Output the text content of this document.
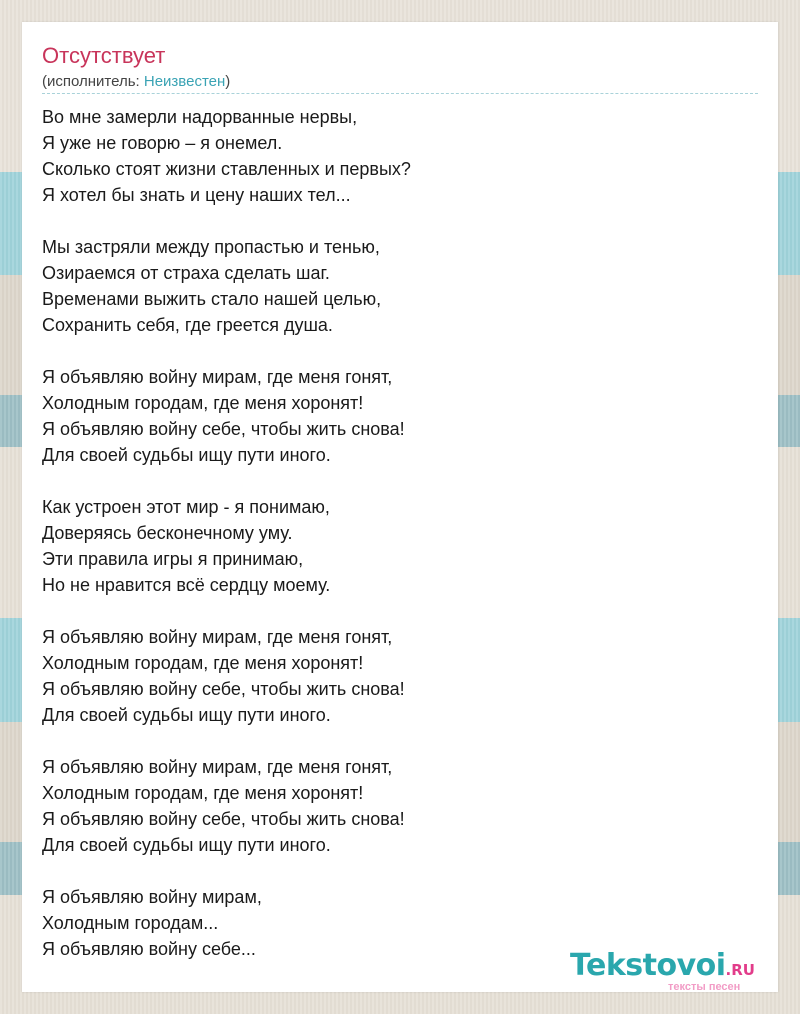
Отсутствует
(исполнитель: Неизвестен)
Во мне замерли надорванные нервы,
Я уже не говорю – я онемел.
Сколько стоят жизни ставленных и первых?
Я хотел бы знать и цену наших тел...
Мы застряли между пропастью и тенью,
Озираемся от страха сделать шаг.
Временами выжить стало нашей целью,
Сохранить себя, где греется душа.
Я объявляю войну мирам, где меня гонят,
Холодным городам, где меня хоронят!
Я объявляю войну себе, чтобы жить снова!
Для своей судьбы ищу пути иного.
Как устроен этот мир - я понимаю,
Доверяясь бесконечному уму.
Эти правила игры я принимаю,
Но не нравится всё сердцу моему.
Я объявляю войну мирам, где меня гонят,
Холодным городам, где меня хоронят!
Я объявляю войну себе, чтобы жить снова!
Для своей судьбы ищу пути иного.
Я объявляю войну мирам, где меня гонят,
Холодным городам, где меня хоронят!
Я объявляю войну себе, чтобы жить снова!
Для своей судьбы ищу пути иного.
Я объявляю войну мирам,
Холодным городам...
Я объявляю войну себе...	Tekstovoi.RU
тексты песен
